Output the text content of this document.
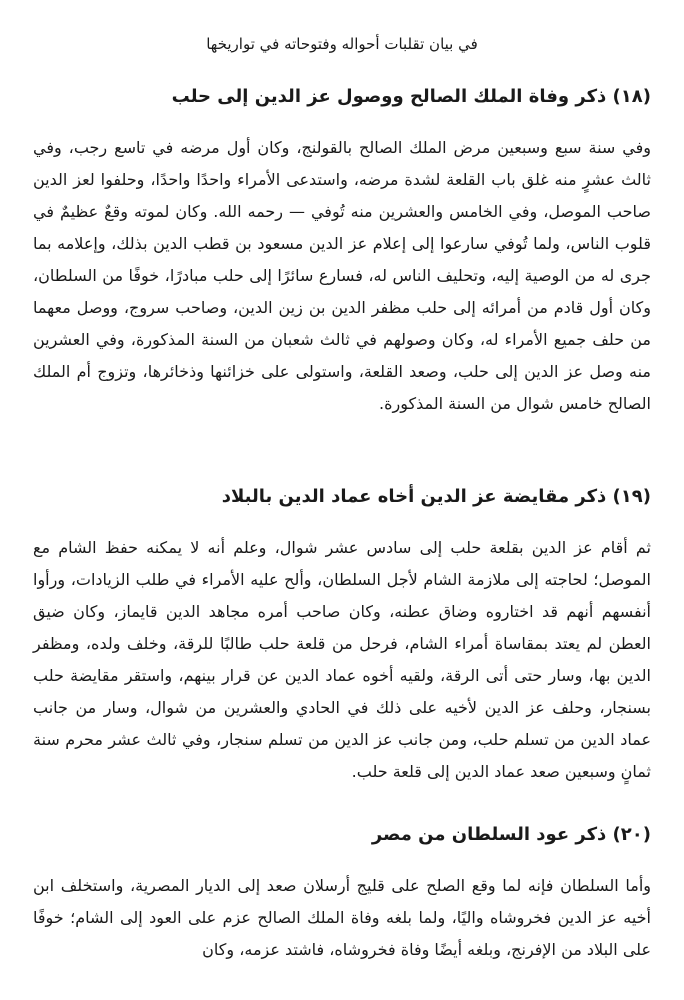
في بيان تقلبات أحواله وفتوحاته في تواريخها
(١٨) ذكر وفاة الملك الصالح ووصول عز الدين إلى حلب

وفي سنة سبع وسبعين مرض الملك الصالح بالقولنج، وكان أول مرضه في تاسع رجب، وفي ثالث عشرٍ منه غلق باب القلعة لشدة مرضه، واستدعى الأمراء واحدًا واحدًا، وحلفوا لعز الدين صاحب الموصل، وفي الخامس والعشرين منه تُوفي — رحمه الله. وكان لموته وقعٌ عظيمٌ في قلوب الناس، ولما تُوفي سارعوا إلى إعلام عز الدين مسعود بن قطب الدين بذلك، وإعلامه بما جرى له من الوصية إليه، وتحليف الناس له، فسارع سائرًا إلى حلب مبادرًا، خوفًا من السلطان، وكان أول قادم من أمرائه إلى حلب مظفر الدين بن زين الدين، وصاحب سروج، ووصل معهما من حلف جميع الأمراء له، وكان وصولهم في ثالث شعبان من السنة المذكورة، وفي العشرين منه وصل عز الدين إلى حلب، وصعد القلعة، واستولى على خزائنها وذخائرها، وتزوج أم الملك الصالح خامس شوال من السنة المذكورة.

(١٩) ذكر مقايضة عز الدين أخاه عماد الدين بالبلاد

ثم أقام عز الدين بقلعة حلب إلى سادس عشر شوال، وعلم أنه لا يمكنه حفظ الشام مع الموصل؛ لحاجته إلى ملازمة الشام لأجل السلطان، وألح عليه الأمراء في طلب الزيادات، ورأوا أنفسهم أنهم قد اختاروه وضاق عطنه، وكان صاحب أمره مجاهد الدين قايماز، وكان ضيق العطن لم يعتد بمقاساة أمراء الشام، فرحل من قلعة حلب طالبًا للرقة، وخلف ولده، ومظفر الدين بها، وسار حتى أتى الرقة، ولقيه أخوه عماد الدين عن قرار بينهم، واستقر مقايضة حلب بسنجار، وحلف عز الدين لأخيه على ذلك في الحادي والعشرين من شوال، وسار من جانب عماد الدين من تسلم حلب، ومن جانب عز الدين من تسلم سنجار، وفي ثالث عشر محرم سنة ثمانٍ وسبعين صعد عماد الدين إلى قلعة حلب.

(٢٠) ذكر عود السلطان من مصر

وأما السلطان فإنه لما وقع الصلح على قليج أرسلان صعد إلى الديار المصرية، واستخلف ابن أخيه عز الدين فخروشاه واليًا، ولما بلغه وفاة الملك الصالح عزم على العود إلى الشام؛ خوفًا على البلاد من الإفرنج، وبلغه أيضًا وفاة فخروشاه، فاشتد عزمه، وكان
